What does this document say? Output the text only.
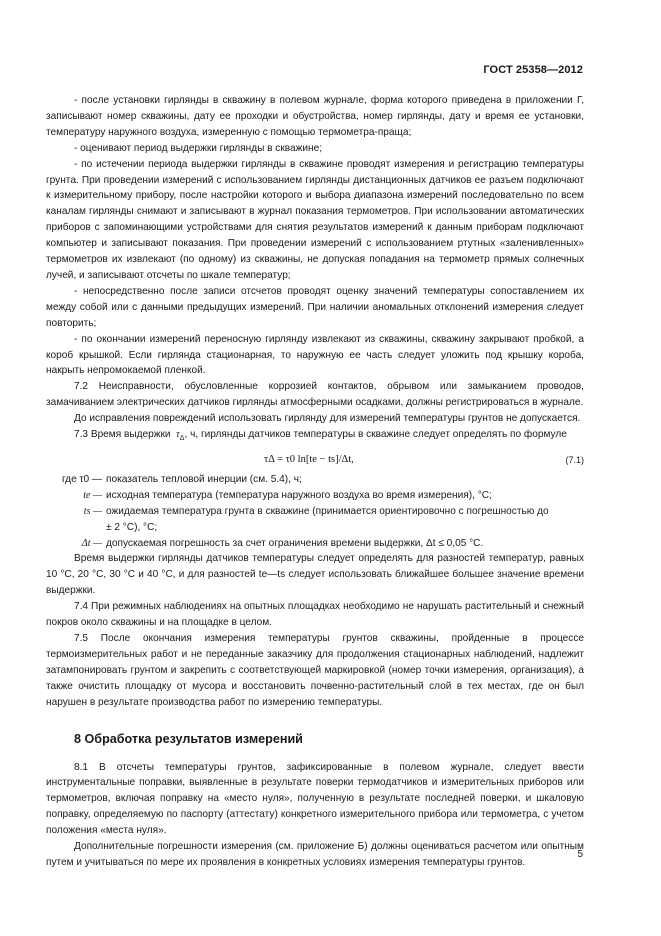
ГОСТ 25358—2012

- после установки гирлянды в скважину в полевом журнале, форма которого приведена в приложении Г, записывают номер скважины, дату ее проходки и обустройства, номер гирлянды, дату и время ее установки, температуру наружного воздуха, измеренную с помощью термометра-праща;

- оценивают период выдержки гирлянды в скважине;

- по истечении периода выдержки гирлянды в скважине проводят измерения и регистрацию температуры грунта. При проведении измерений с использованием гирлянды дистанционных датчиков ее разъем подключают к измерительному прибору, после настройки которого и выбора диапазона измерений последовательно по всем каналам гирлянды снимают и записывают в журнал показания термометров. При использовании автоматических приборов с запоминающими устройствами для снятия результатов измерений к данным приборам подключают компьютер и записывают показания. При проведении измерений с использованием ртутных «заленивленных» термометров их извлекают (по одному) из скважины, не допуская попадания на термометр прямых солнечных лучей, и записывают отсчеты по шкале температур;

- непосредственно после записи отсчетов проводят оценку значений температуры сопоставлением их между собой или с данными предыдущих измерений. При наличии аномальных отклонений измерения следует повторить;

- по окончании измерений переносную гирлянду извлекают из скважины, скважину закрывают пробкой, а короб крышкой. Если гирлянда стационарная, то наружную ее часть следует уложить под крышку короба, накрыть непромокаемой пленкой.

7.2 Неисправности, обусловленные коррозией контактов, обрывом или замыканием проводов, замачиванием электрических датчиков гирлянды атмосферными осадками, должны регистрироваться в журнале.

До исправления повреждений использовать гирлянду для измерений температуры грунтов не допускается.

7.3 Время выдержки $\tau_\Delta$, ч, гирлянды датчиков температуры в скважине следует определять по формуле

τΔ = τ0 ln[te − ts]/Δt,	(7.1)
где τ0 — показатель тепловой инерции (см. 5.4), ч;
te — исходная температура (температура наружного воздуха во время измерения), °С;
ts — ожидаемая температура грунта в скважине (принимается ориентировочно с погрешностью до
± 2 °С), °С;
Δt — допускаемая погрешность за счет ограничения времени выдержки, Δt ≤ 0,05 °С.

Время выдержки гирлянды датчиков температуры следует определять для разностей температур, равных 10 °С, 20 °С, 30 °С и 40 °С, и для разностей te—ts следует использовать ближайшее большее значение времени выдержки.

7.4 При режимных наблюдениях на опытных площадках необходимо не нарушать растительный и снежный покров около скважины и на площадке в целом.

7.5 После окончания измерения температуры грунтов скважины, пройденные в процессе термоизмерительных работ и не переданные заказчику для продолжения стационарных наблюдений, надлежит затампонировать грунтом и закрепить с соответствующей маркировкой (номер точки измерения, организация), а также очистить площадку от мусора и восстановить почвенно-растительный слой в тех местах, где он был нарушен в результате производства работ по измерению температуры.

8 Обработка результатов измерений

8.1 В отсчеты температуры грунтов, зафиксированные в полевом журнале, следует ввести инструментальные поправки, выявленные в результате поверки термодатчиков и измерительных приборов или термометров, включая поправку на «место нуля», полученную в результате последней поверки, и шкаловую поправку, определяемую по паспорту (аттестату) конкретного измерительного прибора или термометра, с учетом положения «места нуля».

Дополнительные погрешности измерения (см. приложение Б) должны оцениваться расчетом или опытным путем и учитываться по мере их проявления в конкретных условиях измерения температуры грунтов.

5
